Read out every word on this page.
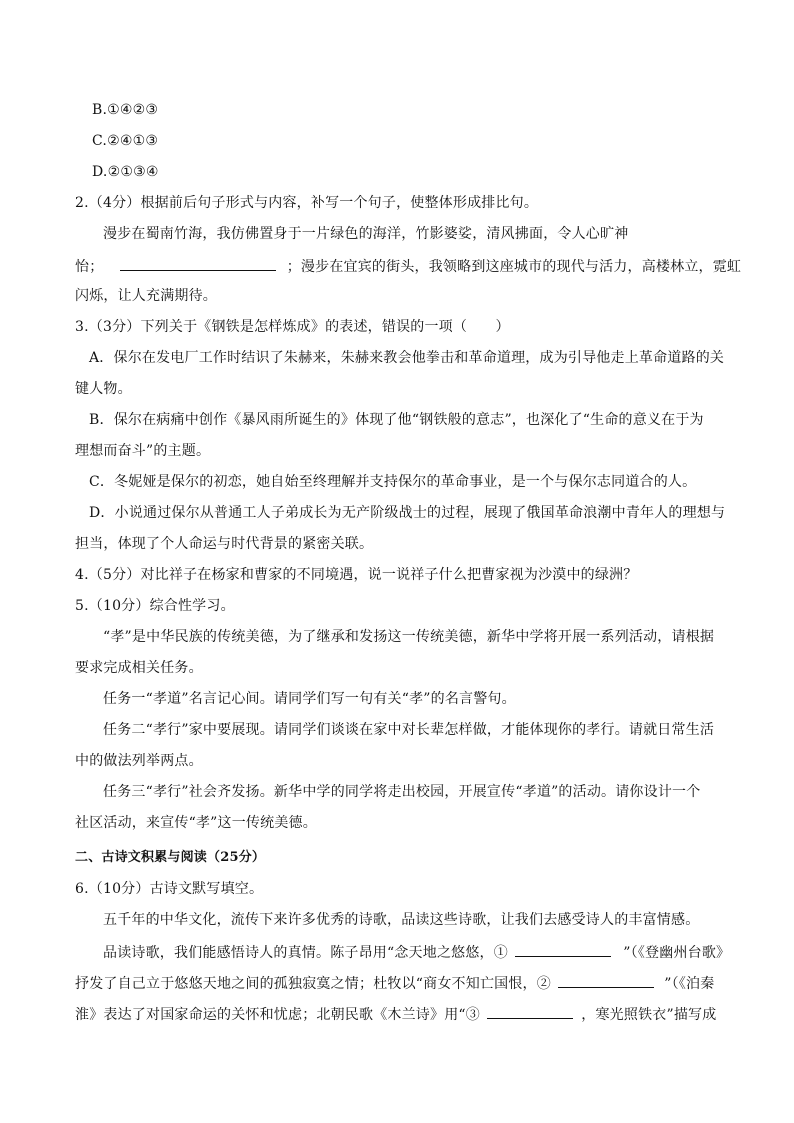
B.①④②③
C.②④①③
D.②①③④
2.（4分）根据前后句子形式与内容，补写一个句子，使整体形成排比句。
漫步在蜀南竹海，我仿佛置身于一片绿色的海洋，竹影婆娑，清风拂面，令人心旷神
怡；	；漫步在宜宾的街头，我领略到这座城市的现代与活力，高楼林立，霓虹
闪烁，让人充满期待。
3.（3分）下列关于《钢铁是怎样炼成》的表述，错误的一项（　　）
A．保尔在发电厂工作时结识了朱赫来，朱赫来教会他拳击和革命道理，成为引导他走上革命道路的关
键人物。
B．保尔在病痛中创作《暴风雨所诞生的》体现了他“钢铁般的意志”，也深化了“生命的意义在于为
理想而奋斗”的主题。
C．冬妮娅是保尔的初恋，她自始至终理解并支持保尔的革命事业，是一个与保尔志同道合的人。
D．小说通过保尔从普通工人子弟成长为无产阶级战士的过程，展现了俄国革命浪潮中青年人的理想与
担当，体现了个人命运与时代背景的紧密关联。
4.（5分）对比祥子在杨家和曹家的不同境遇，说一说祥子什么把曹家视为沙漠中的绿洲？
5.（10分）综合性学习。
“孝”是中华民族的传统美德，为了继承和发扬这一传统美德，新华中学将开展一系列活动，请根据
要求完成相关任务。
任务一“孝道”名言记心间。请同学们写一句有关“孝”的名言警句。
任务二“孝行”家中要展现。请同学们谈谈在家中对长辈怎样做，才能体现你的孝行。请就日常生活
中的做法列举两点。
任务三“孝行”社会齐发扬。新华中学的同学将走出校园，开展宣传“孝道”的活动。请你设计一个
社区活动，来宣传“孝”这一传统美德。
二、古诗文积累与阅读（25分）
6.（10分）古诗文默写填空。
五千年的中华文化，流传下来许多优秀的诗歌，品读这些诗歌，让我们去感受诗人的丰富情感。
品读诗歌，我们能感悟诗人的真情。陈子昂用“念天地之悠悠，①	”（《登幽州台歌》
抒发了自己立于悠悠天地之间的孤独寂寞之情；杜牧以“商女不知亡国恨，②	”（《泊秦
淮》表达了对国家命运的关怀和忧虑；北朝民歌《木兰诗》用“③	，寒光照铁衣”描写成
